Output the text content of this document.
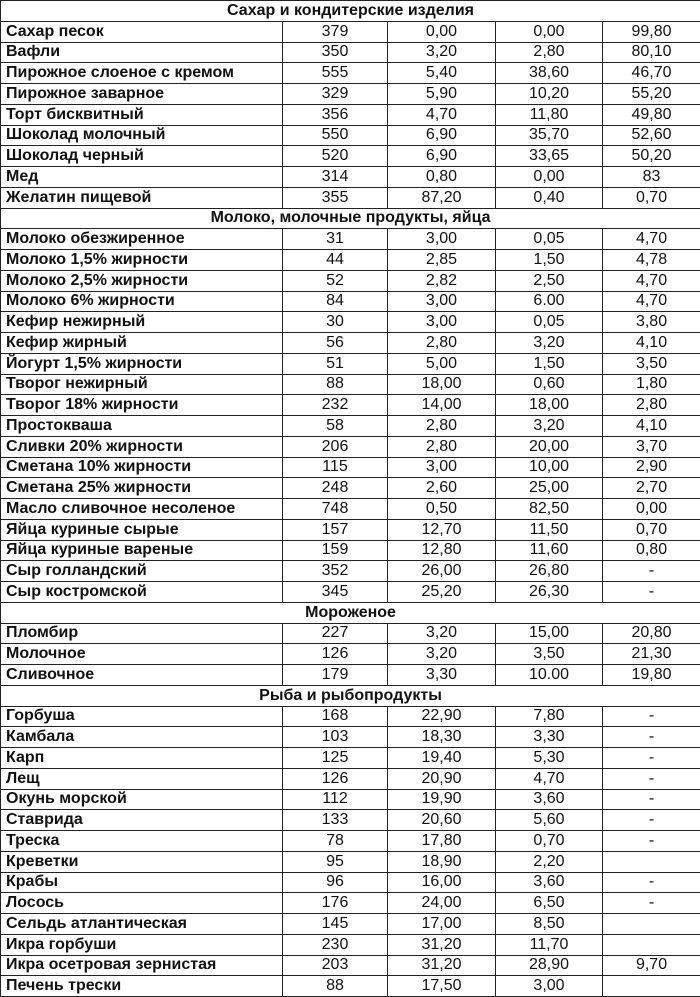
Сахар и кондитерские изделия				
Сахар песок	379	0,00	0,00	99,80
Вафли	350	3,20	2,80	80,10
Пирожное слоеное с кремом	555	5,40	38,60	46,70
Пирожное заварное	329	5,90	10,20	55,20
Торт бисквитный	356	4,70	11,80	49,80
Шоколад молочный	550	6,90	35,70	52,60
Шоколад черный	520	6,90	33,65	50,20
Мед	314	0,80	0,00	83
Желатин пищевой	355	87,20	0,40	0,70
Молоко, молочные продукты, яйца				
Молоко обезжиренное	31	3,00	0,05	4,70
Молоко 1,5% жирности	44	2,85	1,50	4,78
Молоко 2,5% жирности	52	2,82	2,50	4,70
Молоко 6% жирности	84	3,00	6.00	4,70
Кефир нежирный	30	3,00	0,05	3,80
Кефир жирный	56	2,80	3,20	4,10
Йогурт 1,5% жирности	51	5,00	1,50	3,50
Творог нежирный	88	18,00	0,60	1,80
Творог 18% жирности	232	14,00	18,00	2,80
Простокваша	58	2,80	3,20	4,10
Сливки 20% жирности	206	2,80	20,00	3,70
Сметана 10% жирности	115	3,00	10,00	2,90
Сметана 25% жирности	248	2,60	25,00	2,70
Масло сливочное несоленое	748	0,50	82,50	0,00
Яйца куриные сырые	157	12,70	11,50	0,70
Яйца куриные вареные	159	12,80	11,60	0,80
Сыр голландский	352	26,00	26,80	-
Сыр костромской	345	25,20	26,30	-
Мороженое				
Пломбир	227	3,20	15,00	20,80
Молочное	126	3,20	3,50	21,30
Сливочное	179	3,30	10.00	19,80
Рыба и рыбопродукты				
Горбуша	168	22,90	7,80	-
Камбала	103	18,30	3,30	-
Карп	125	19,40	5,30	-
Лещ	126	20,90	4,70	-
Окунь морской	112	19,90	3,60	-
Ставрида	133	20,60	5,60	-
Треска	78	17,80	0,70	-
Креветки	95	18,90	2,20	
Крабы	96	16,00	3,60	-
Лосось	176	24,00	6,50	-
Сельдь атлантическая	145	17,00	8,50	
Икра горбуши	230	31,20	11,70	
Икра осетровая зернистая	203	31,20	28,90	9,70
Печень трески	88	17,50	3,00	
